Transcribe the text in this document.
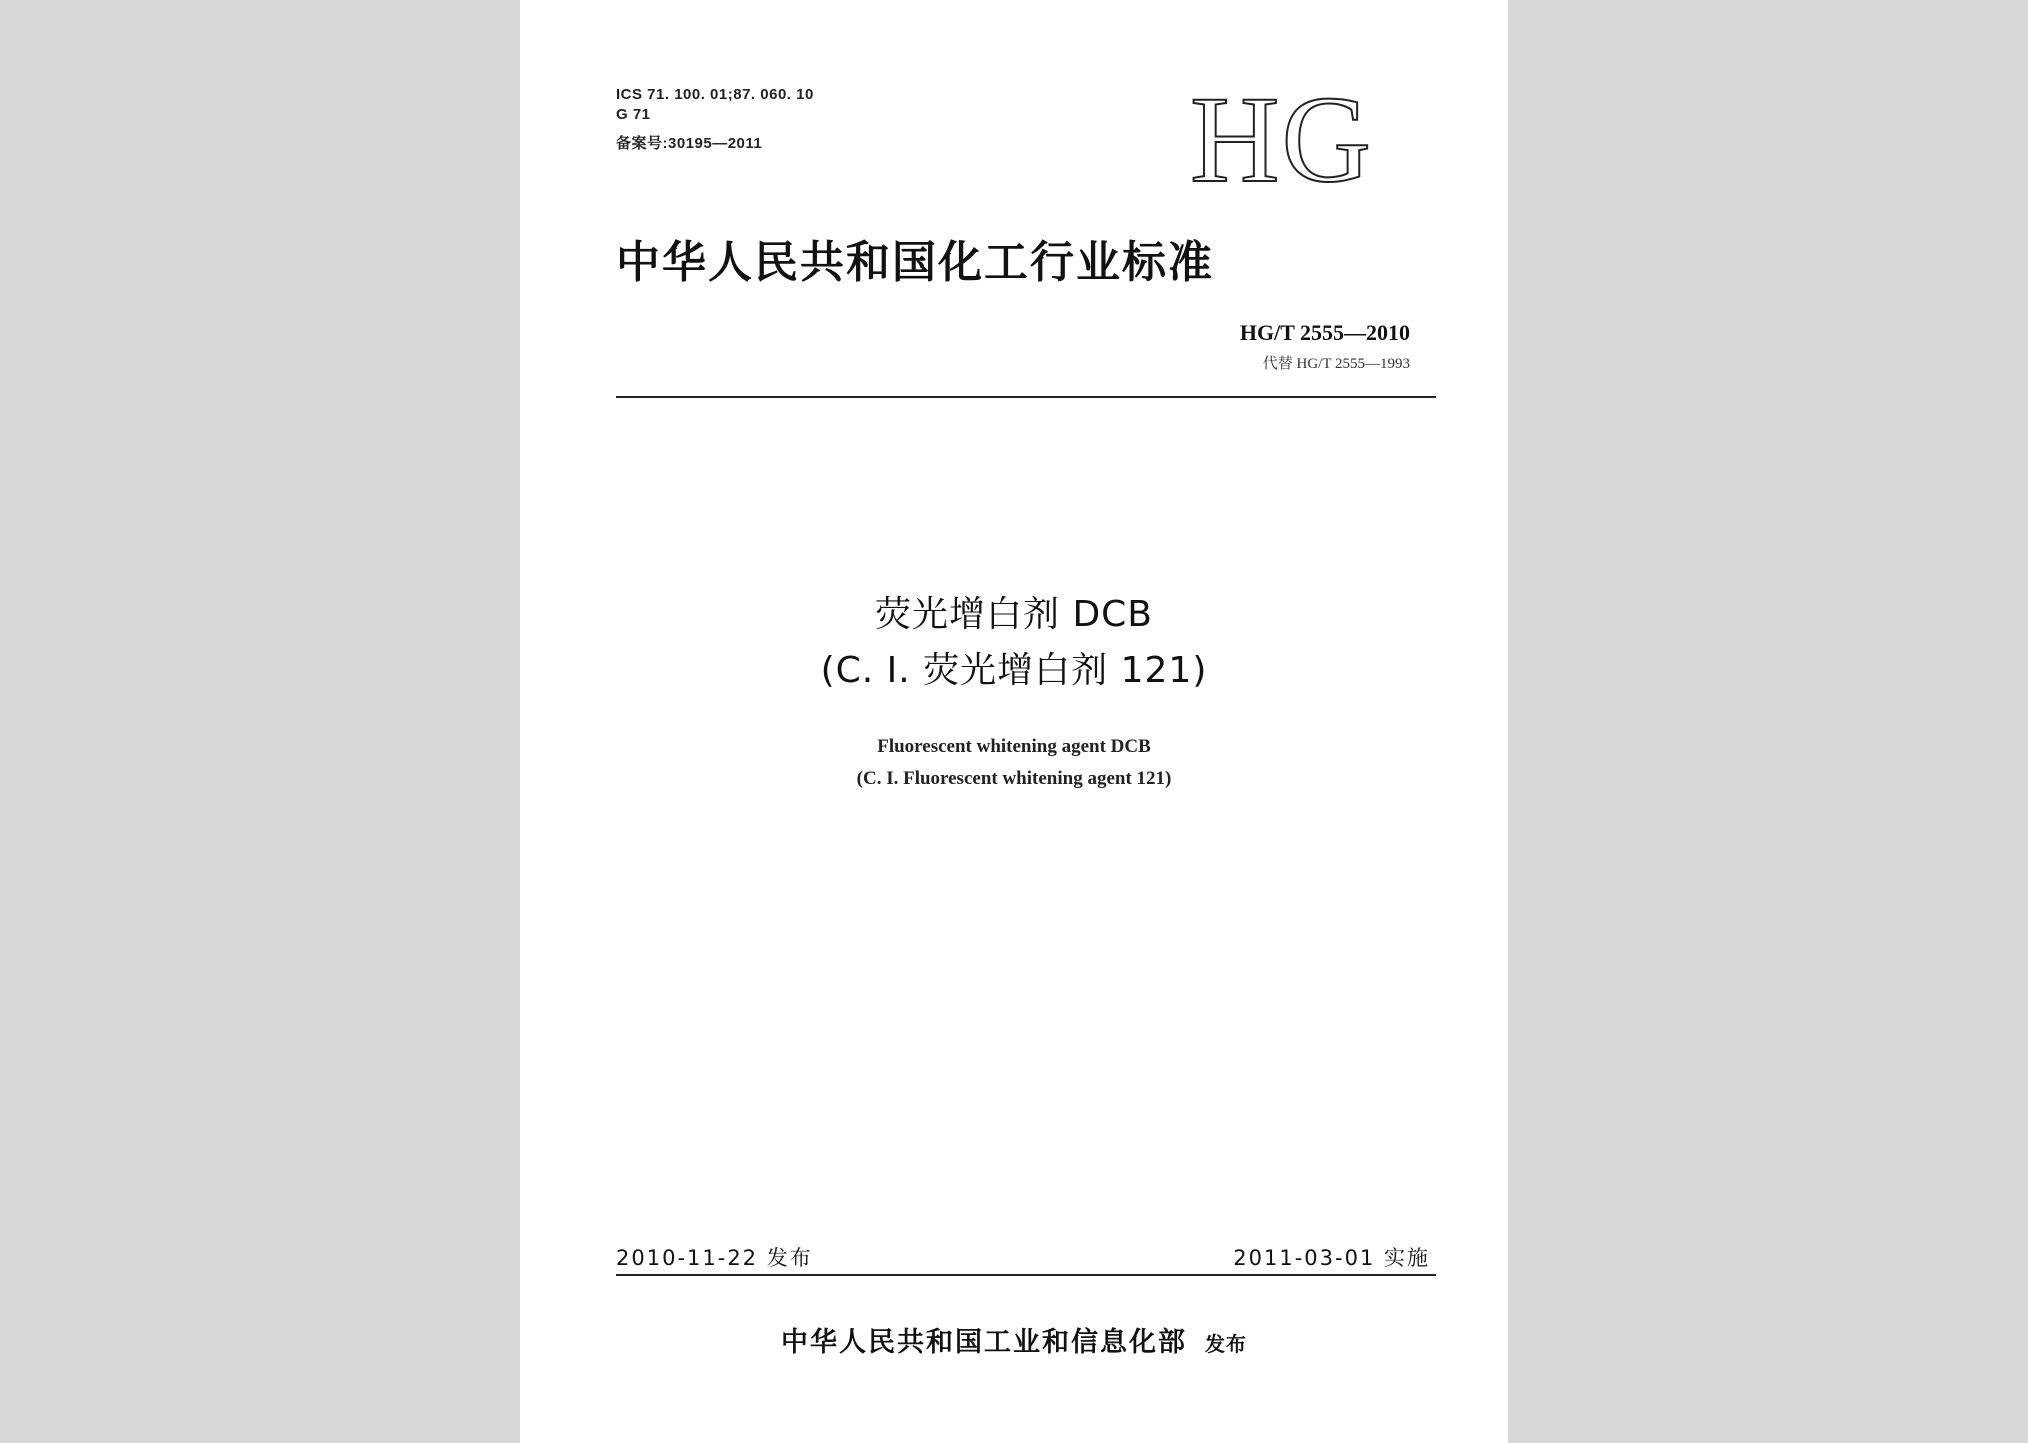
ICS 71. 100. 01;87. 060. 10
G 71
备案号:30195—2011	HG
中华人民共和国化工行业标准
HG/T 2555—2010
代替 HG/T 2555—1993
荧光增白剂 DCB
(C. I. 荧光增白剂 121)
Fluorescent whitening agent DCB
(C. I. Fluorescent whitening agent 121)
2010-11-22 发布	2011-03-01 实施
中华人民共和国工业和信息化部 发布
